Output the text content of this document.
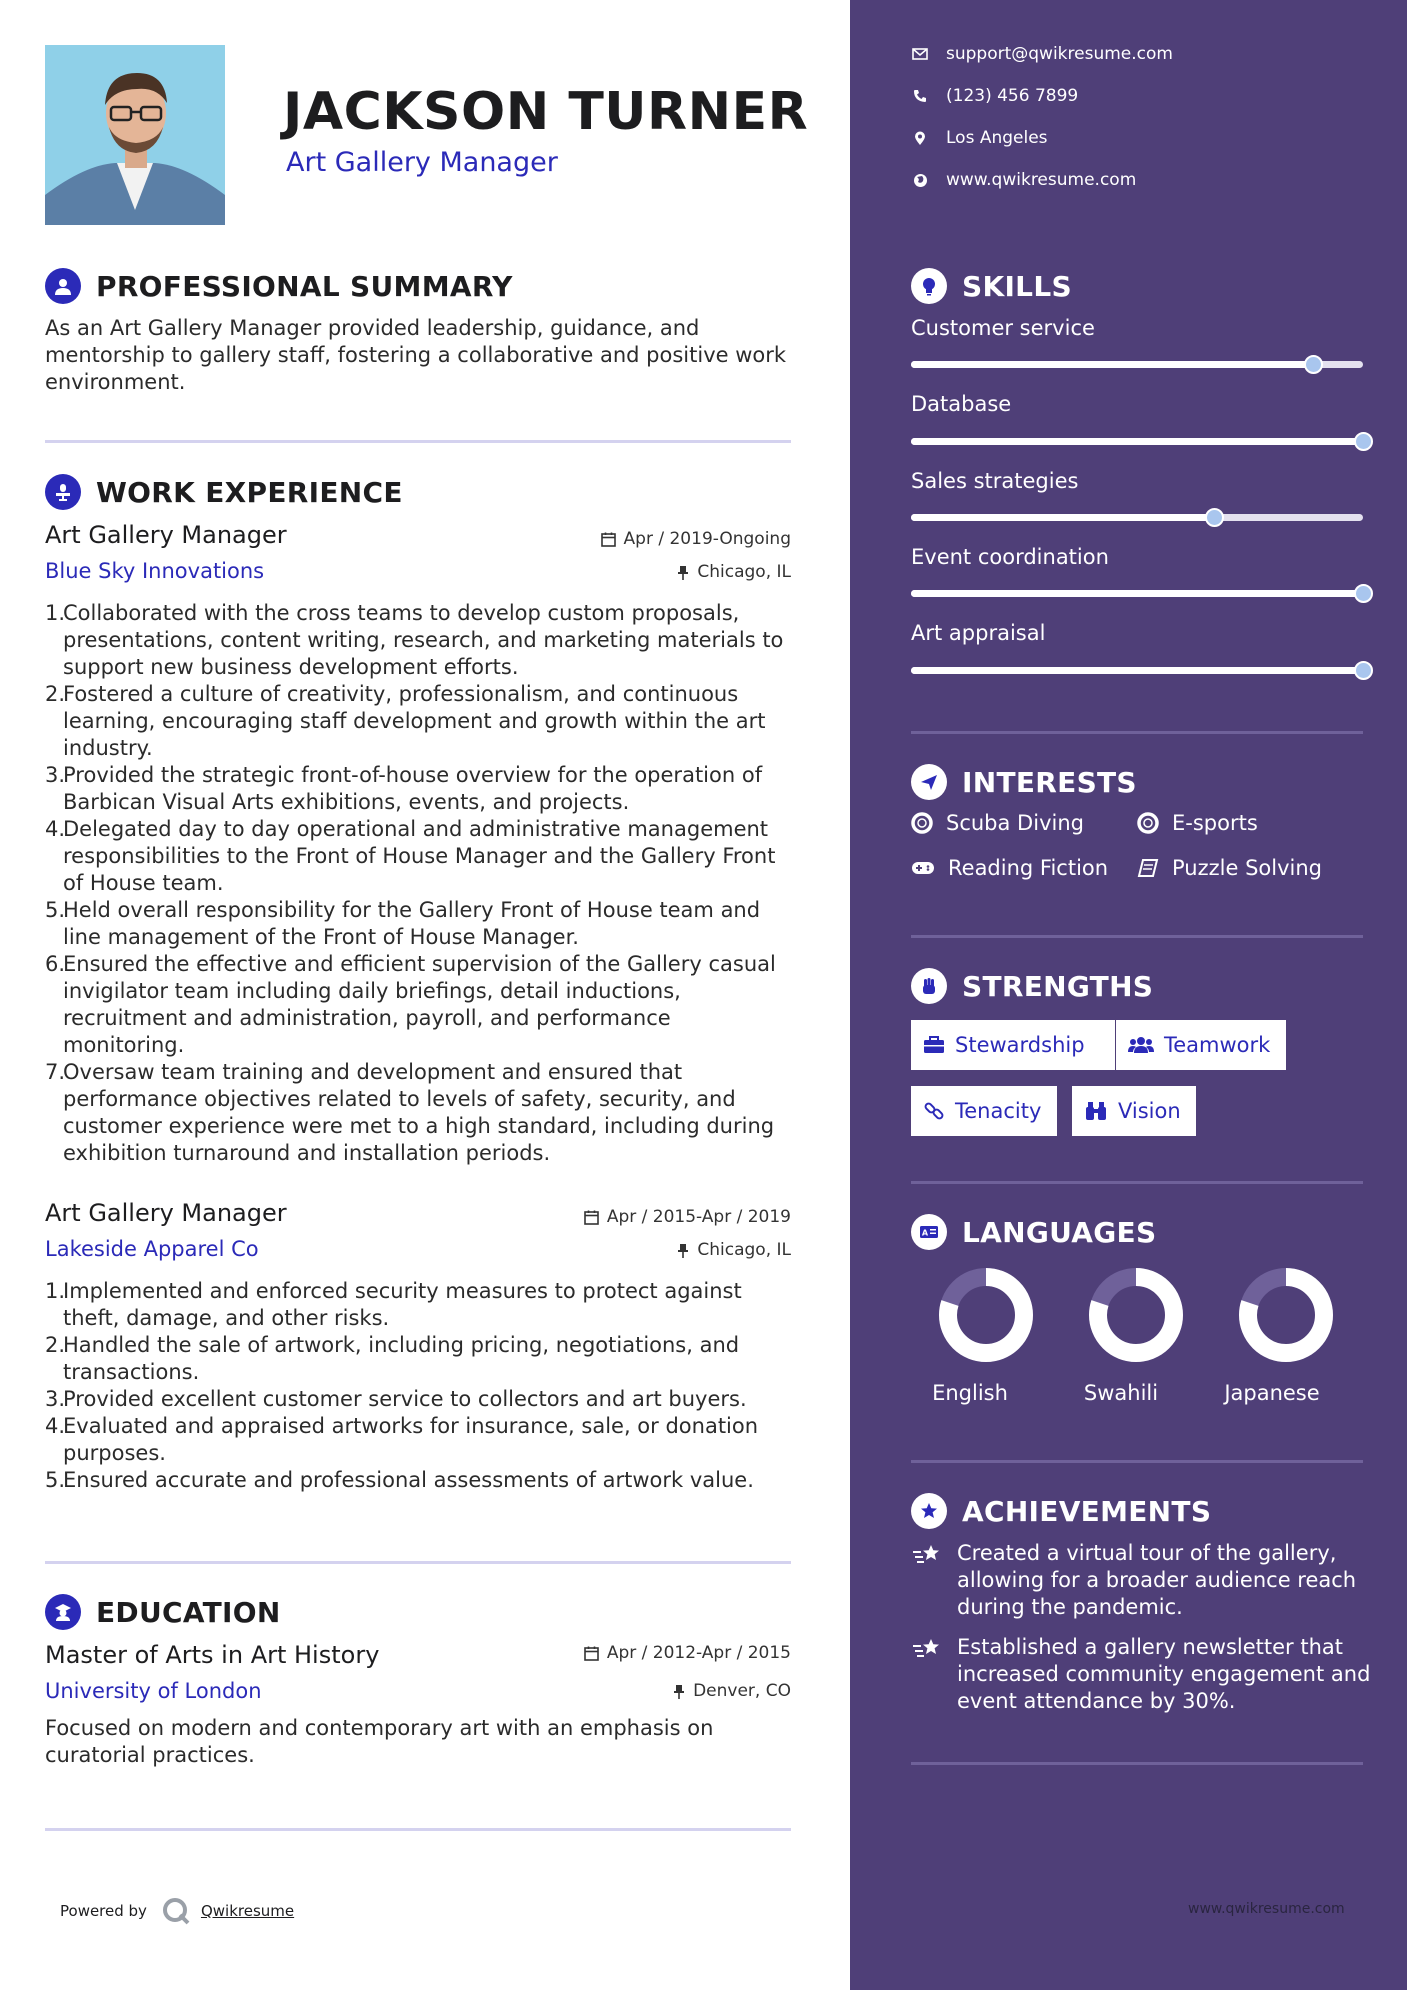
JACKSON TURNER
Art Gallery Manager
PROFESSIONAL SUMMARY
As an Art Gallery Manager provided leadership, guidance, and mentorship to gallery staff, fostering a collaborative and positive work environment.
WORK EXPERIENCE
Art Gallery Manager	Apr / 2019-Ongoing
Blue Sky Innovations	Chicago, IL
1.
Collaborated with the cross teams to develop custom proposals, presentations, content writing, research, and marketing materials to support new business development efforts.
2.
Fostered a culture of creativity, professionalism, and continuous learning, encouraging staff development and growth within the art industry.
3.
Provided the strategic front-of-house overview for the operation of Barbican Visual Arts exhibitions, events, and projects.
4.
Delegated day to day operational and administrative management responsibilities to the Front of House Manager and the Gallery Front of House team.
5.
Held overall responsibility for the Gallery Front of House team and line management of the Front of House Manager.
6.
Ensured the effective and efficient supervision of the Gallery casual invigilator team including daily briefings, detail inductions, recruitment and administration, payroll, and performance monitoring.
7.
Oversaw team training and development and ensured that performance objectives related to levels of safety, security, and customer experience were met to a high standard, including during exhibition turnaround and installation periods.
Art Gallery Manager	Apr / 2015-Apr / 2019
Lakeside Apparel Co	Chicago, IL
1.
Implemented and enforced security measures to protect against theft, damage, and other risks.
2.
Handled the sale of artwork, including pricing, negotiations, and transactions.
3.
Provided excellent customer service to collectors and art buyers.
4.
Evaluated and appraised artworks for insurance, sale, or donation purposes.
5.
Ensured accurate and professional assessments of artwork value.
EDUCATION
Master of Arts in Art History	Apr / 2012-Apr / 2015
University of London	Denver, CO
Focused on modern and contemporary art with an emphasis on curatorial practices.
Powered by	Qwikresume
support@qwikresume.com
(123) 456 7899
Los Angeles
www.qwikresume.com
SKILLS
Customer service
Database
Sales strategies
Event coordination
Art appraisal
INTERESTS
Scuba Diving	E-sports
Reading Fiction	Puzzle Solving
STRENGTHS
Stewardship	Teamwork
Tenacity	Vision
A LANGUAGES
English	Swahili	Japanese
ACHIEVEMENTS
Created a virtual tour of the gallery, allowing for a broader audience reach during the pandemic.
Established a gallery newsletter that increased community engagement and event attendance by 30%.
www.qwikresume.com
